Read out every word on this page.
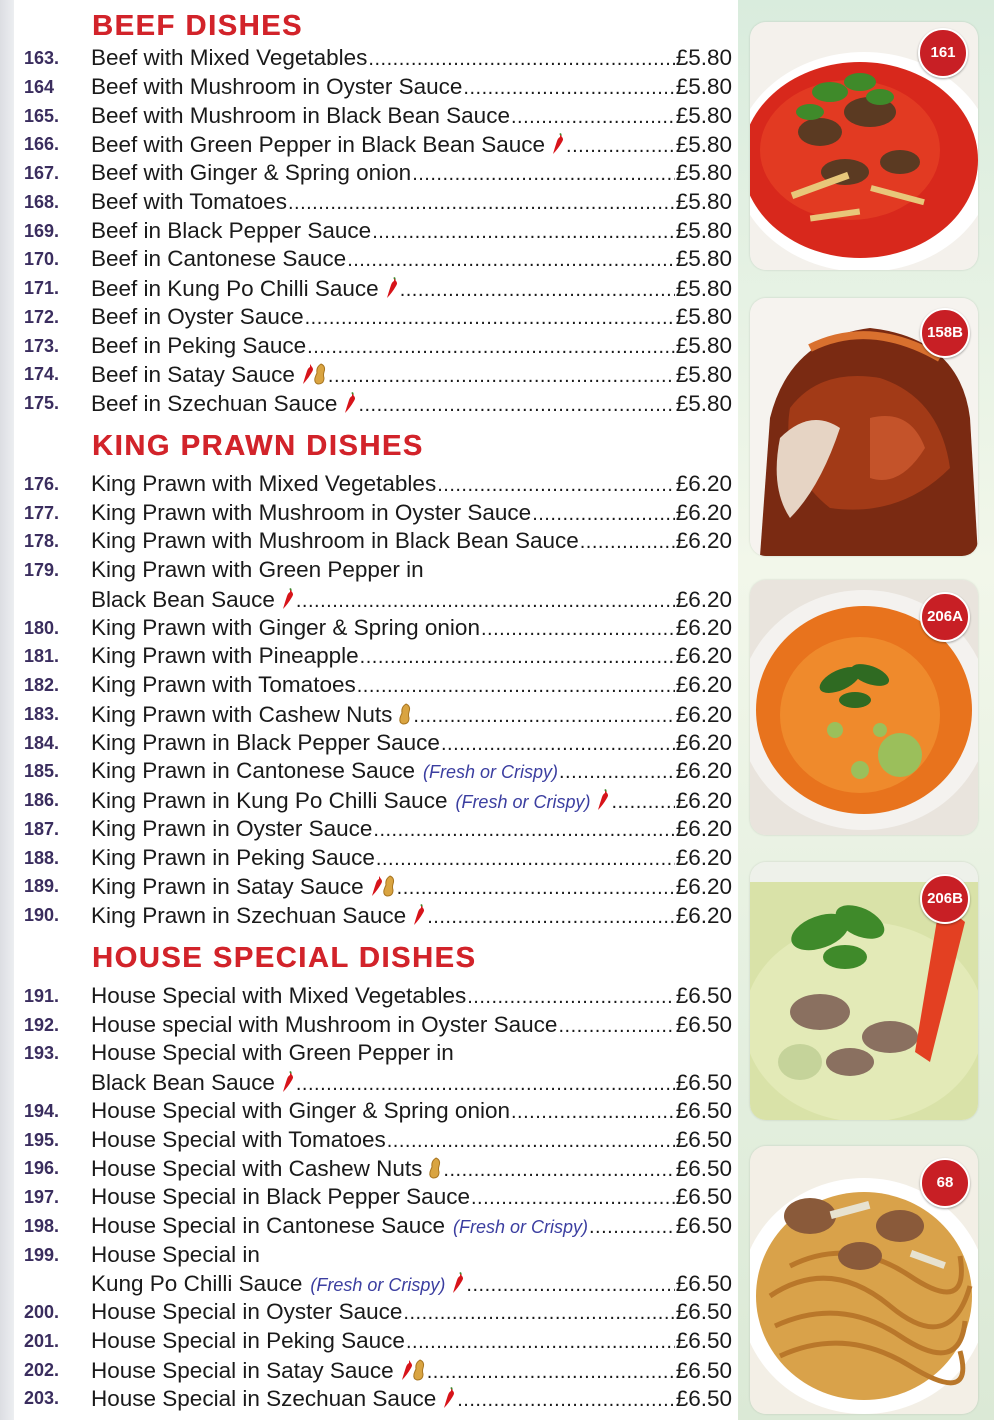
BEEF DISHES
163.	Beef with Mixed Vegetables .....	£5.80
164	Beef with Mushroom in Oyster Sauce .....	£5.80
165.	Beef with Mushroom in Black Bean Sauce .....	£5.80
166.	Beef with Green Pepper in Black Bean Sauce .....	£5.80
167.	Beef with Ginger & Spring onion .....	£5.80
168.	Beef with Tomatoes .....	£5.80
169.	Beef in Black Pepper Sauce .....	£5.80
170.	Beef in Cantonese Sauce .....	£5.80
171.	Beef in Kung Po Chilli Sauce .....	£5.80
172.	Beef in Oyster Sauce .....	£5.80
173.	Beef in Peking Sauce .....	£5.80
174.	Beef in Satay Sauce .....	£5.80
175.	Beef in Szechuan Sauce .....	£5.80
KING PRAWN DISHES
176.	King Prawn with Mixed Vegetables .....	£6.20
177.	King Prawn with Mushroom in Oyster Sauce .....	£6.20
178.	King Prawn with Mushroom in Black Bean Sauce .....	£6.20
179.	King Prawn with Green Pepper in
Black Bean Sauce .....	£6.20
180.	King Prawn with Ginger & Spring onion .....	£6.20
181.	King Prawn with Pineapple .....	£6.20
182.	King Prawn with Tomatoes .....	£6.20
183.	King Prawn with Cashew Nuts .....	£6.20
184.	King Prawn in Black Pepper Sauce .....	£6.20
185.	King Prawn in Cantonese Sauce (Fresh or Crispy) .....	£6.20
186.	King Prawn in Kung Po Chilli Sauce (Fresh or Crispy) .....	£6.20
187.	King Prawn in Oyster Sauce .....	£6.20
188.	King Prawn in Peking Sauce .....	£6.20
189.	King Prawn in Satay Sauce .....	£6.20
190.	King Prawn in Szechuan Sauce .....	£6.20
HOUSE SPECIAL DISHES
191.	House Special with Mixed Vegetables .....	£6.50
192.	House special with Mushroom in Oyster Sauce .....	£6.50
193.	House Special with Green Pepper in
Black Bean Sauce .....	£6.50
194.	House Special with Ginger & Spring onion .....	£6.50
195.	House Special with Tomatoes .....	£6.50
196.	House Special with Cashew Nuts .....	£6.50
197.	House Special in Black Pepper Sauce .....	£6.50
198.	House Special in Cantonese Sauce (Fresh or Crispy) .....	£6.50
199.	House Special in
Kung Po Chilli Sauce (Fresh or Crispy) .....	£6.50
200.	House Special in Oyster Sauce .....	£6.50
201.	House Special in Peking Sauce .....	£6.50
202.	House Special in Satay Sauce .....	£6.50
203.	House Special in Szechuan Sauce .....	£6.50
161
158B
206A
206B
68
